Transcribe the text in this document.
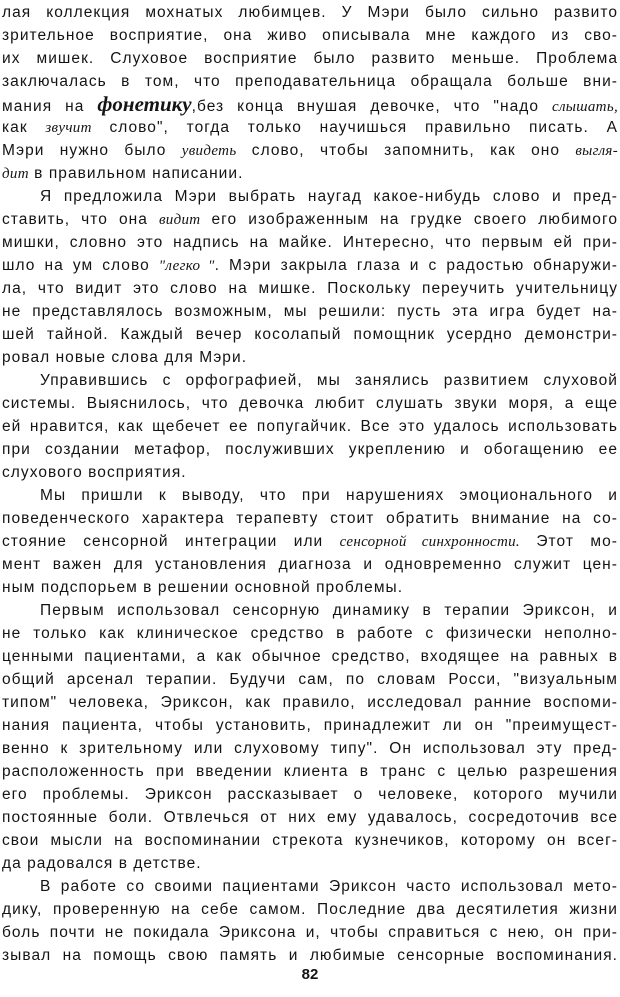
лая коллекция мохнатых любимцев. У Мэри было сильно развито
зрительное восприятие, она живо описывала мне каждого из сво-
их мишек. Слуховое восприятие было развито меньше. Проблема
заключалась в том, что преподавательница обращала больше вни-
мания на фонетику,без конца внушая девочке, что "надо слышать,
как звучит слово", тогда только научишься правильно писать. А
Мэри нужно было увидеть слово, чтобы запомнить, как оно выгля-
дит в правильном написании.
Я предложила Мэри выбрать наугад какое-нибудь слово и пред-
ставить, что она видит его изображенным на грудке своего любимого
мишки, словно это надпись на майке. Интересно, что первым ей при-
шло на ум слово "легко ". Мэри закрыла глаза и с радостью обнаружи-
ла, что видит это слово на мишке. Поскольку переучить учительницу
не представлялось возможным, мы решили: пусть эта игра будет на-
шей тайной. Каждый вечер косолапый помощник усердно демонстри-
ровал новые слова для Мэри.
Управившись с орфографией, мы занялись развитием слуховой
системы. Выяснилось, что девочка любит слушать звуки моря, а еще
ей нравится, как щебечет ее попугайчик. Все это удалось использовать
при создании метафор, послуживших укреплению и обогащению ее
слухового восприятия.
Мы пришли к выводу, что при нарушениях эмоционального и
поведенческого характера терапевту стоит обратить внимание на со-
стояние сенсорной интеграции или сенсорной синхронности. Этот мо-
мент важен для установления диагноза и одновременно служит цен-
ным подспорьем в решении основной проблемы.
Первым использовал сенсорную динамику в терапии Эриксон, и
не только как клиническое средство в работе с физически неполно-
ценными пациентами, а как обычное средство, входящее на равных в
общий арсенал терапии. Будучи сам, по словам Росси, "визуальным
типом" человека, Эриксон, как правило, исследовал ранние воспоми-
нания пациента, чтобы установить, принадлежит ли он "преимущест-
венно к зрительному или слуховому типу". Он использовал эту пред-
расположенность при введении клиента в транс с целью разрешения
его проблемы. Эриксон рассказывает о человеке, которого мучили
постоянные боли. Отвлечься от них ему удавалось, сосредоточив все
свои мысли на воспоминании стрекота кузнечиков, которому он всег-
да радовался в детстве.
В работе со своими пациентами Эриксон часто использовал мето-
дику, проверенную на себе самом. Последние два десятилетия жизни
боль почти не покидала Эриксона и, чтобы справиться с нею, он при-
зывал на помощь свою память и любимые сенсорные воспоминания.
82
